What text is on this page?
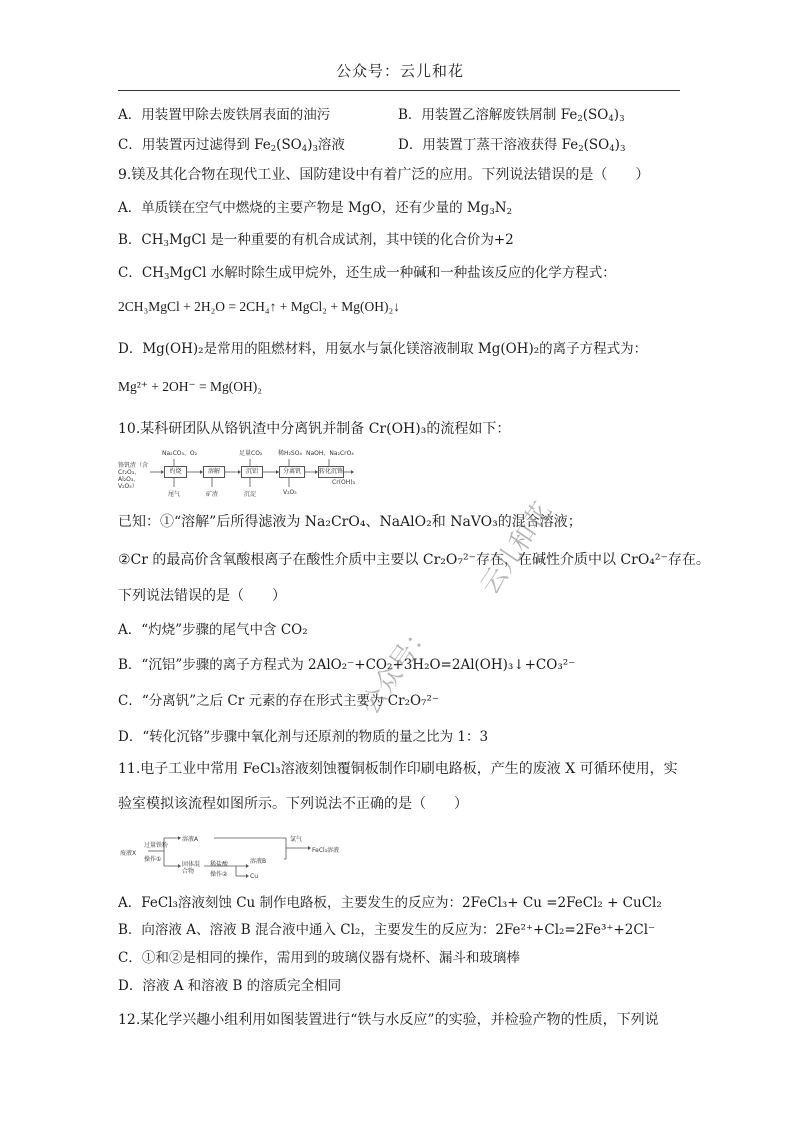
公众号：云儿和花
A．用装置甲除去废铁屑表面的油污	B．用装置乙溶解废铁屑制 $Fe_2(SO_4)_3$
C．用装置丙过滤得到 $Fe_2(SO_4)_3$溶液	D．用装置丁蒸干溶液获得 $Fe_2(SO_4)_3$
9.镁及其化合物在现代工业、国防建设中有着广泛的应用。下列说法错误的是（　　）
A．单质镁在空气中燃烧的主要产物是 MgO，还有少量的 $Mg_3N_2$
B．$CH_3MgCl$ 是一种重要的有机合成试剂，其中镁的化合价为+2
C．$CH_3MgCl$ 水解时除生成甲烷外，还生成一种碱和一种盐该反应的化学方程式：
2CH₃MgCl + 2H₂O = 2CH₄↑ + MgCl₂ + Mg(OH)₂↓
D．Mg(OH)₂是常用的阻燃材料，用氨水与氯化镁溶液制取 Mg(OH)₂的离子方程式为：
Mg²⁺ + 2OH⁻ = Mg(OH)₂
10.某科研团队从铬钒渣中分离钒并制备 Cr(OH)₃的流程如下：
铬钒渣（含Cr₂O₃、Al₂O₃、V₂O₅）
灼烧	溶解	沉铝	分离钒	转化沉铬
Na₂CO₃、O₂	足量CO₂	稀H₂SO₄ NaOH、Na₂CrO₄
尾气	矿渣	沉淀	V₂O₅
Cr(OH)₃
已知：①“溶解”后所得滤液为 Na₂CrO₄、NaAlO₂和 NaVO₃的混合溶液；
②Cr 的最高价含氧酸根离子在酸性介质中主要以 Cr₂O₇²⁻存在，在碱性介质中以 CrO₄²⁻存在。
下列说法错误的是（　　）
A．“灼烧”步骤的尾气中含 CO₂
B．“沉铝”步骤的离子方程式为 2AlO₂⁻+CO₂+3H₂O=2Al(OH)₃↓+CO₃²⁻
C．“分离钒”之后 Cr 元素的存在形式主要为 Cr₂O₇²⁻
D．“转化沉铬”步骤中氧化剂与还原剂的物质的量之比为 1：3
11.电子工业中常用 FeCl₃溶液刻蚀覆铜板制作印刷电路板，产生的废液 X 可循环使用，实
验室模拟该流程如图所示。下列说法不正确的是（　　）
废液X
过量铁粉
操作①
溶液A
固体混合物
稀盐酸
操作②
溶液B
Cu
氯气
FeCl₃溶液
A．FeCl₃溶液刻蚀 Cu 制作电路板，主要发生的反应为：2FeCl₃+ Cu =2FeCl₂ + CuCl₂
B．向溶液 A、溶液 B 混合液中通入 Cl₂，主要发生的反应为：2Fe²⁺+Cl₂=2Fe³⁺+2Cl⁻
C．①和②是相同的操作，需用到的玻璃仪器有烧杯、漏斗和玻璃棒
D．溶液 A 和溶液 B 的溶质完全相同
12.某化学兴趣小组利用如图装置进行“铁与水反应”的实验，并检验产物的性质，下列说
公众号：
云儿和花
